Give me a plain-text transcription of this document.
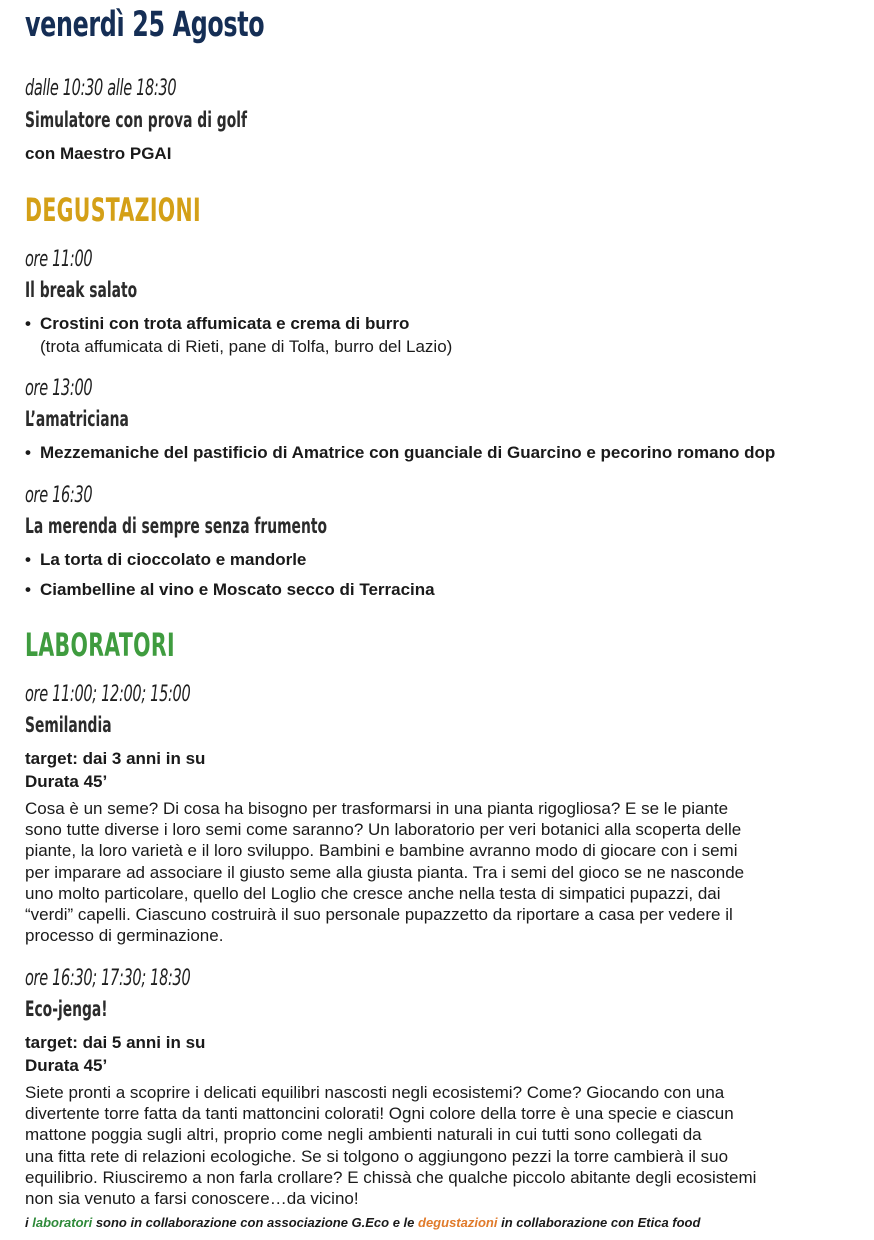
venerdì 25 Agosto
dalle 10:30 alle 18:30
Simulatore con prova di golf
con Maestro PGAI
DEGUSTAZIONI
ore 11:00
Il break salato
• Crostini con trota affumicata e crema di burro
(trota affumicata di Rieti, pane di Tolfa, burro del Lazio)
ore 13:00
L’amatriciana
• Mezzemaniche del pastificio di Amatrice con guanciale di Guarcino e pecorino romano dop
ore 16:30
La merenda di sempre senza frumento
• La torta di cioccolato e mandorle
• Ciambelline al vino e Moscato secco di Terracina
LABORATORI
ore 11:00; 12:00; 15:00
Semilandia
target: dai 3 anni in su
Durata 45’
Cosa è un seme? Di cosa ha bisogno per trasformarsi in una pianta rigogliosa? E se le piante
sono tutte diverse i loro semi come saranno? Un laboratorio per veri botanici alla scoperta delle
piante, la loro varietà e il loro sviluppo. Bambini e bambine avranno modo di giocare con i semi
per imparare ad associare il giusto seme alla giusta pianta. Tra i semi del gioco se ne nasconde
uno molto particolare, quello del Loglio che cresce anche nella testa di simpatici pupazzi, dai
“verdi” capelli. Ciascuno costruirà il suo personale pupazzetto da riportare a casa per vedere il
processo di germinazione.
ore 16:30; 17:30; 18:30
Eco-jenga!
target: dai 5 anni in su
Durata 45’
Siete pronti a scoprire i delicati equilibri nascosti negli ecosistemi? Come? Giocando con una
divertente torre fatta da tanti mattoncini colorati! Ogni colore della torre è una specie e ciascun
mattone poggia sugli altri, proprio come negli ambienti naturali in cui tutti sono collegati da
una fitta rete di relazioni ecologiche. Se si tolgono o aggiungono pezzi la torre cambierà il suo
equilibrio. Riusciremo a non farla crollare? E chissà che qualche piccolo abitante degli ecosistemi
non sia venuto a farsi conoscere…da vicino!
i laboratori sono in collaborazione con associazione G.Eco e le degustazioni in collaborazione con Etica food
